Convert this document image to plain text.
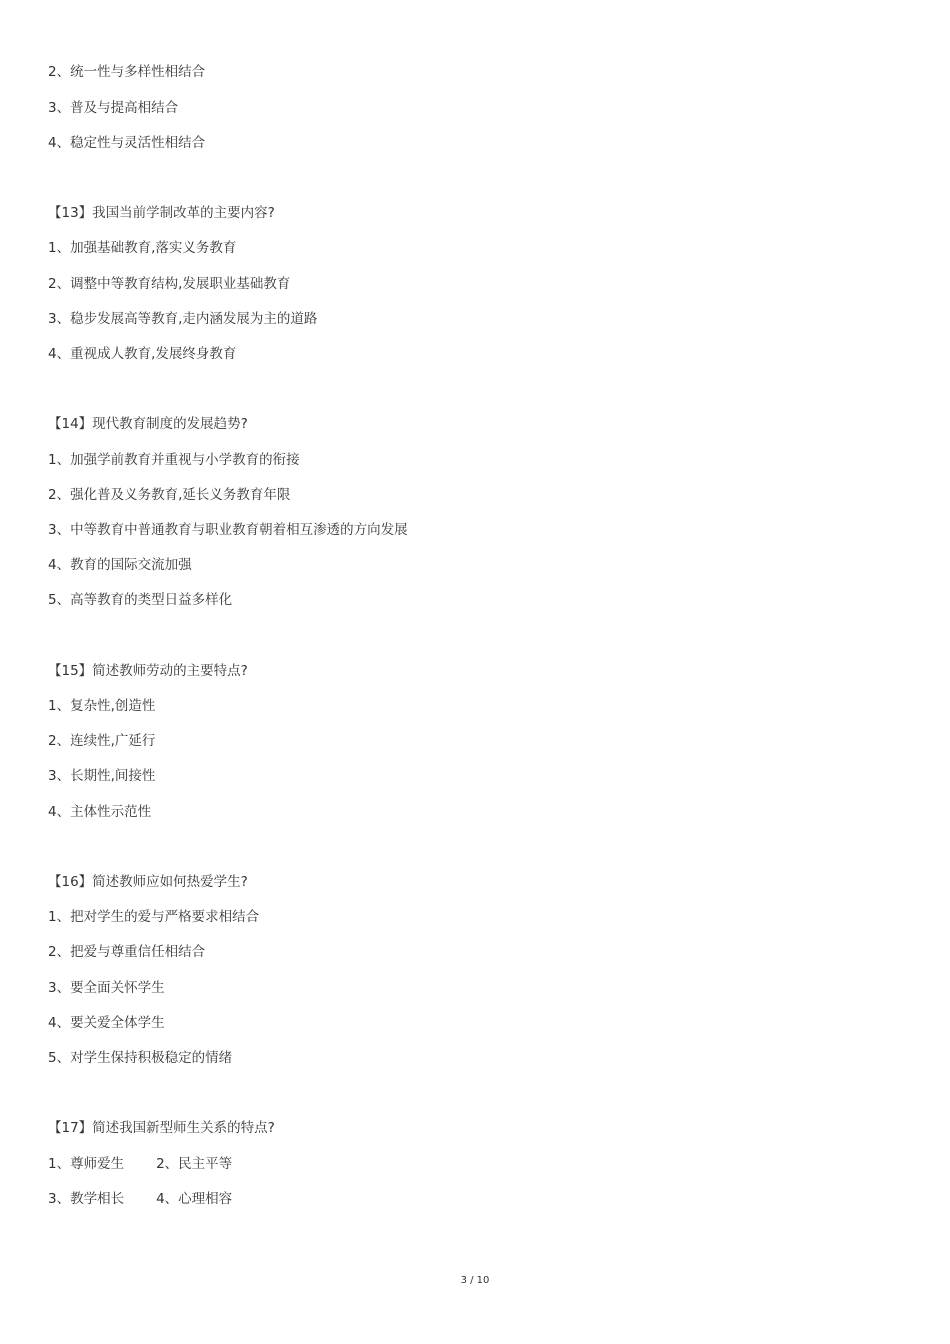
2、统一性与多样性相结合
3、普及与提高相结合
4、稳定性与灵活性相结合
【13】我国当前学制改革的主要内容?
1、加强基础教育,落实义务教育
2、调整中等教育结构,发展职业基础教育
3、稳步发展高等教育,走内涵发展为主的道路
4、重视成人教育,发展终身教育
【14】现代教育制度的发展趋势?
1、加强学前教育并重视与小学教育的衔接
2、强化普及义务教育,延长义务教育年限
3、中等教育中普通教育与职业教育朝着相互渗透的方向发展
4、教育的国际交流加强
5、高等教育的类型日益多样化
【15】简述教师劳动的主要特点?
1、复杂性,创造性
2、连续性,广延行
3、长期性,间接性
4、主体性示范性
【16】简述教师应如何热爱学生?
1、把对学生的爱与严格要求相结合
2、把爱与尊重信任相结合
3、要全面关怀学生
4、要关爱全体学生
5、对学生保持积极稳定的情绪
【17】简述我国新型师生关系的特点?
1、尊师爱生 2、民主平等
3、教学相长 4、心理相容
3 / 10
